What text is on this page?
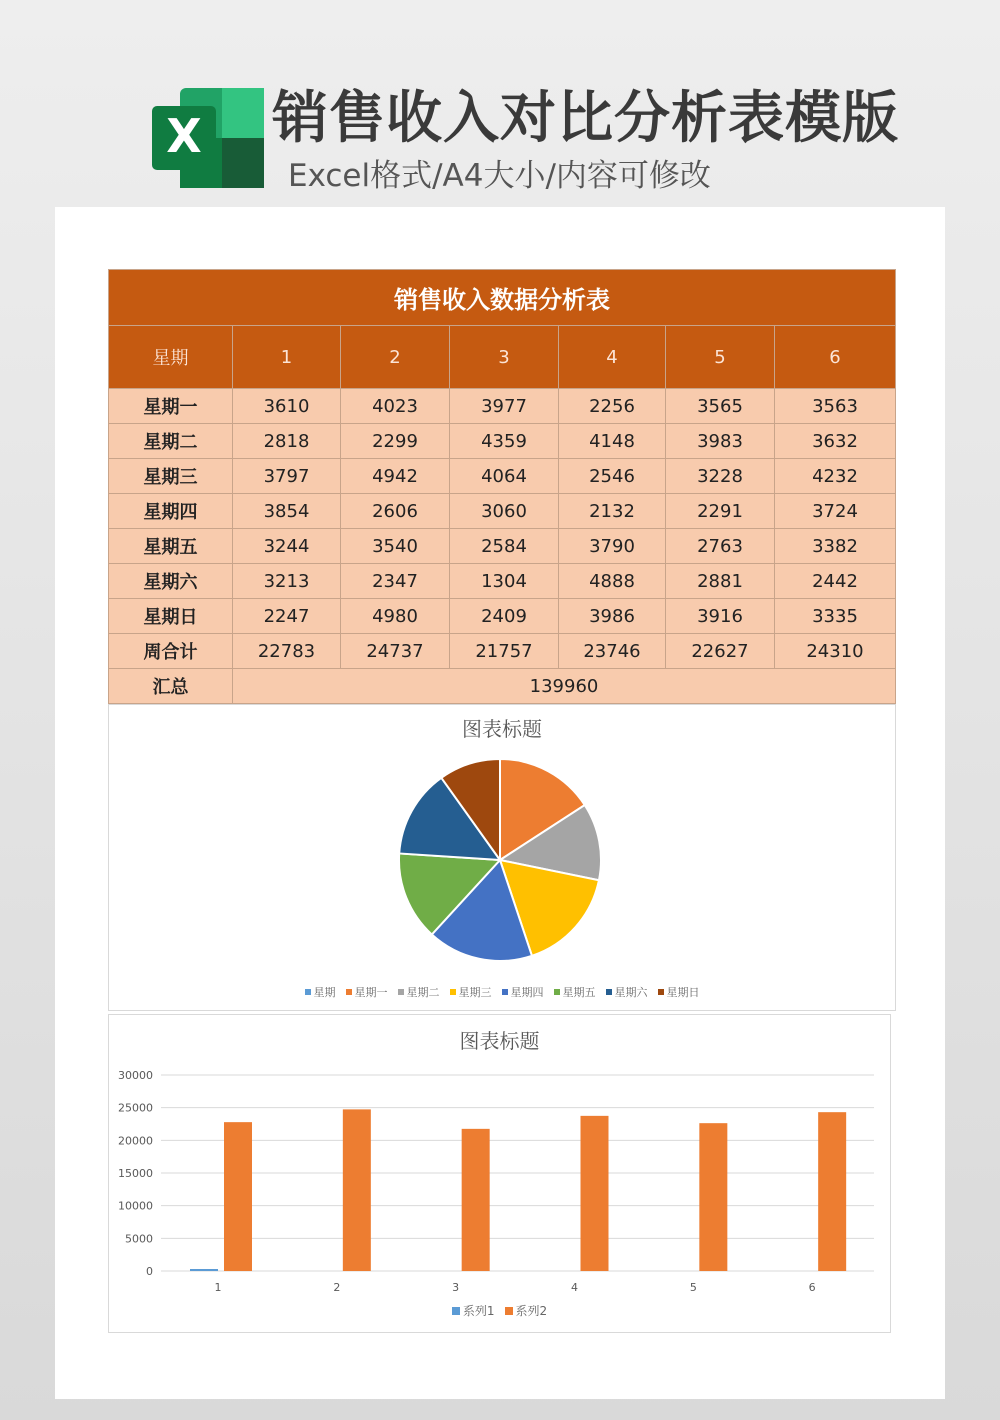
X 销售收入对比分析表模版
Excel格式/A4大小/内容可修改
销售收入数据分析表						
星期	1	2	3	4	5	6
星期一	3610	4023	3977	2256	3565	3563
星期二	2818	2299	4359	4148	3983	3632
星期三	3797	4942	4064	2546	3228	4232
星期四	3854	2606	3060	2132	2291	3724
星期五	3244	3540	2584	3790	2763	3382
星期六	3213	2347	1304	4888	2881	2442
星期日	2247	4980	2409	3986	3916	3335
周合计	22783	24737	21757	23746	22627	24310
汇总	139960					
图表标题
星期 星期一 星期二 星期三 星期四 星期五 星期六 星期日
图表标题
0
5000
10000
15000
20000
25000
30000
1	2	3	4	5	6
系列1 系列2
